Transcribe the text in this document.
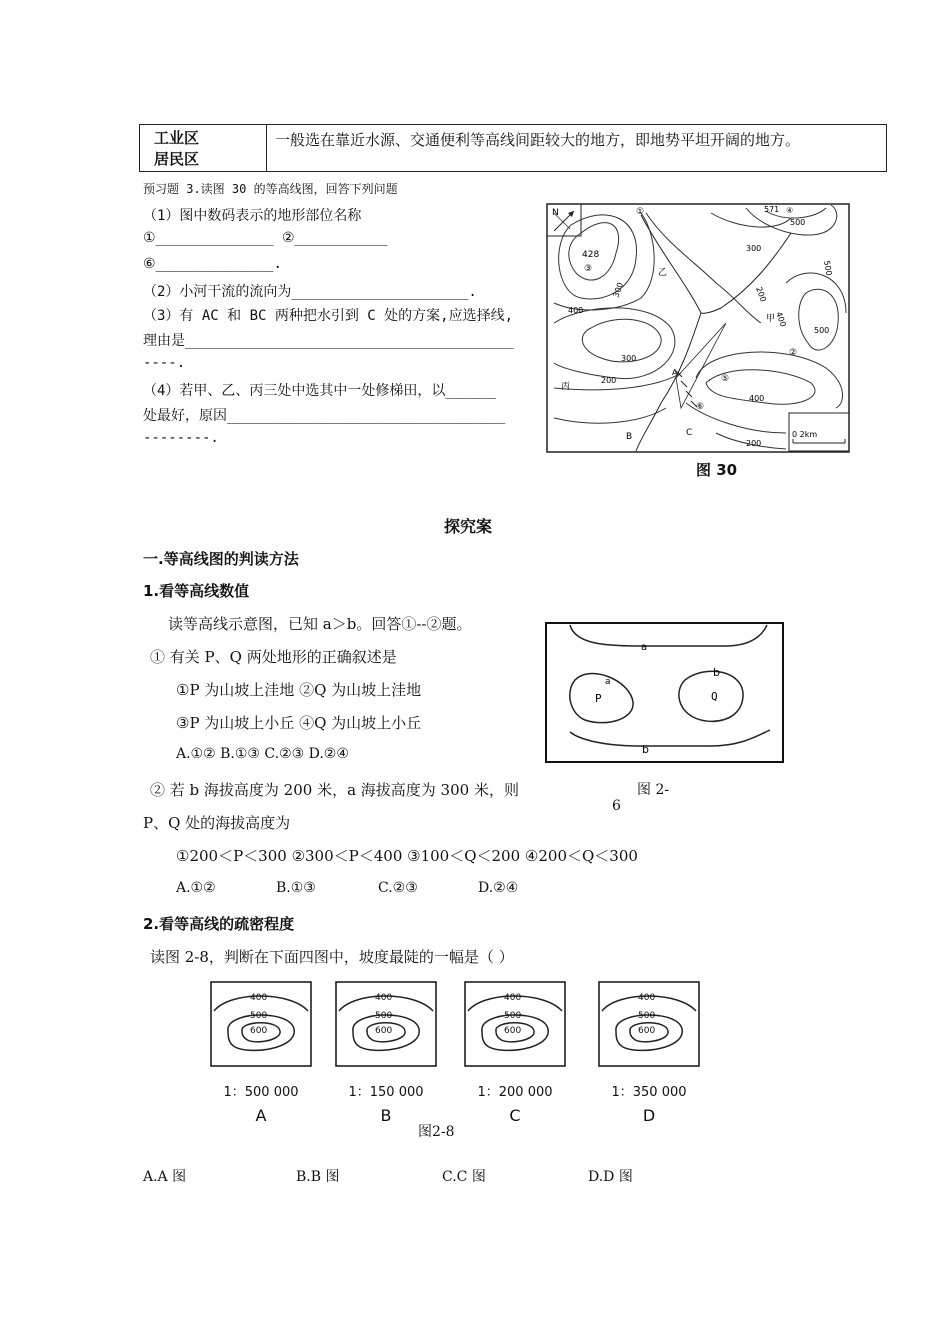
工业区
居民区
	一般选在靠近水源、交通便利等高线间距较大的地方，即地势平坦开阔的地方。
预习题 3.读图 30 的等高线图，回答下列问题
（1）图中数码表示的地形部位名称
①______________ ②___________
⑥______________.
（2）小河干流的流向为_____________________.
（3）有 AC 和 BC 两种把水引到 C 处的方案,应选择线,
理由是_______________________________________
----.
（4）若甲、乙、丙三处中选其中一处修梯田，以______
处最好，原因_________________________________
--------.
N
0 2km
428
③
①	571 ④
500
500
300
300
300
400
400
400
200
200
200
500
乙
甲
丙
②
⑤
⑥
A
B	C
图 30
探究案
一.等高线图的判读方法
1.看等高线数值
读等高线示意图，已知 a＞b。回答①--②题。
① 有关 P、Q 两处地形的正确叙述是
①P 为山坡上洼地 ②Q 为山坡上洼地
③P 为山坡上小丘 ④Q 为山坡上小丘
A.①② B.①③ C.②③ D.②④
② 若 b 海拔高度为 200 米，a 海拔高度为 300 米，则
P、Q 处的海拔高度为
①200＜P＜300 ②300＜P＜400 ③100＜Q＜200 ④200＜Q＜300
A.①②	B.①③	C.②③	D.②④
a
a
P
b
Q
b
图 2-
6
2.看等高线的疏密程度
读图 2-8，判断在下面四图中，坡度最陡的一幅是（ ）
400
500
600
1：500 000
A
400
500
600
1：150 000
B
400
500
600
1：200 000
C
400
500
600
1：350 000
D
图2-8
A.A 图	B.B 图	C.C 图	D.D 图
